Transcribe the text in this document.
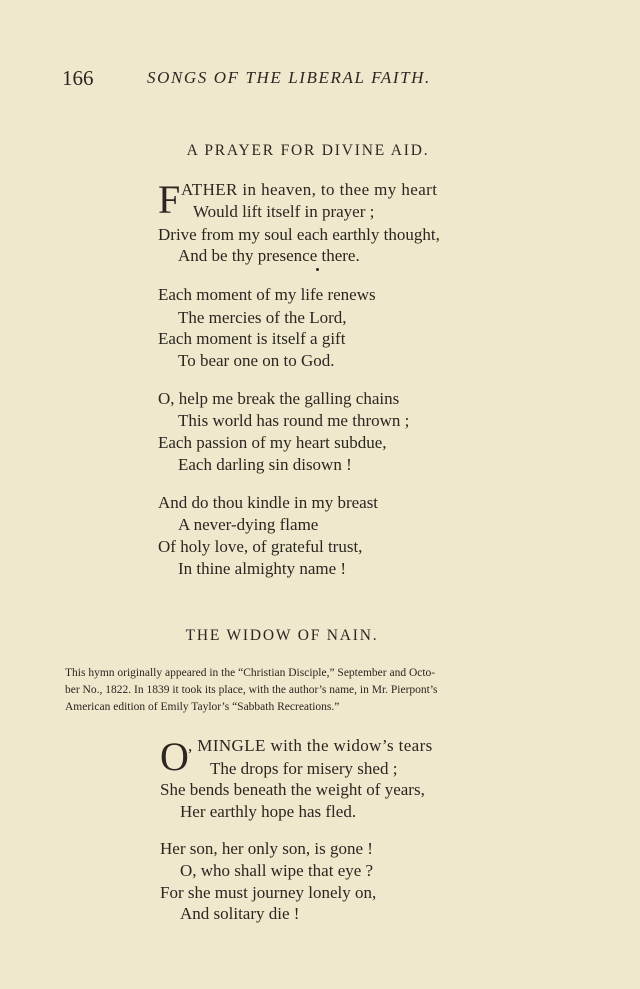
166	SONGS OF THE LIBERAL FAITH.
A PRAYER FOR DIVINE AID.
F ATHER in heaven, to thee my heart
Would lift itself in prayer ;
Drive from my soul each earthly thought,
And be thy presence there.
Each moment of my life renews
The mercies of the Lord,
Each moment is itself a gift
To bear one on to God.
O, help me break the galling chains
This world has round me thrown ;
Each passion of my heart subdue,
Each darling sin disown !
And do thou kindle in my breast
A never-dying flame
Of holy love, of grateful trust,
In thine almighty name !
THE WIDOW OF NAIN.
This hymn originally appeared in the “Christian Disciple,” September and Octo-
ber No., 1822. In 1839 it took its place, with the author’s name, in Mr. Pierpont’s
American edition of Emily Taylor’s “Sabbath Recreations.”
O , MINGLE with the widow’s tears
The drops for misery shed ;
She bends beneath the weight of years,
Her earthly hope has fled.
Her son, her only son, is gone !
O, who shall wipe that eye ?
For she must journey lonely on,
And solitary die !
